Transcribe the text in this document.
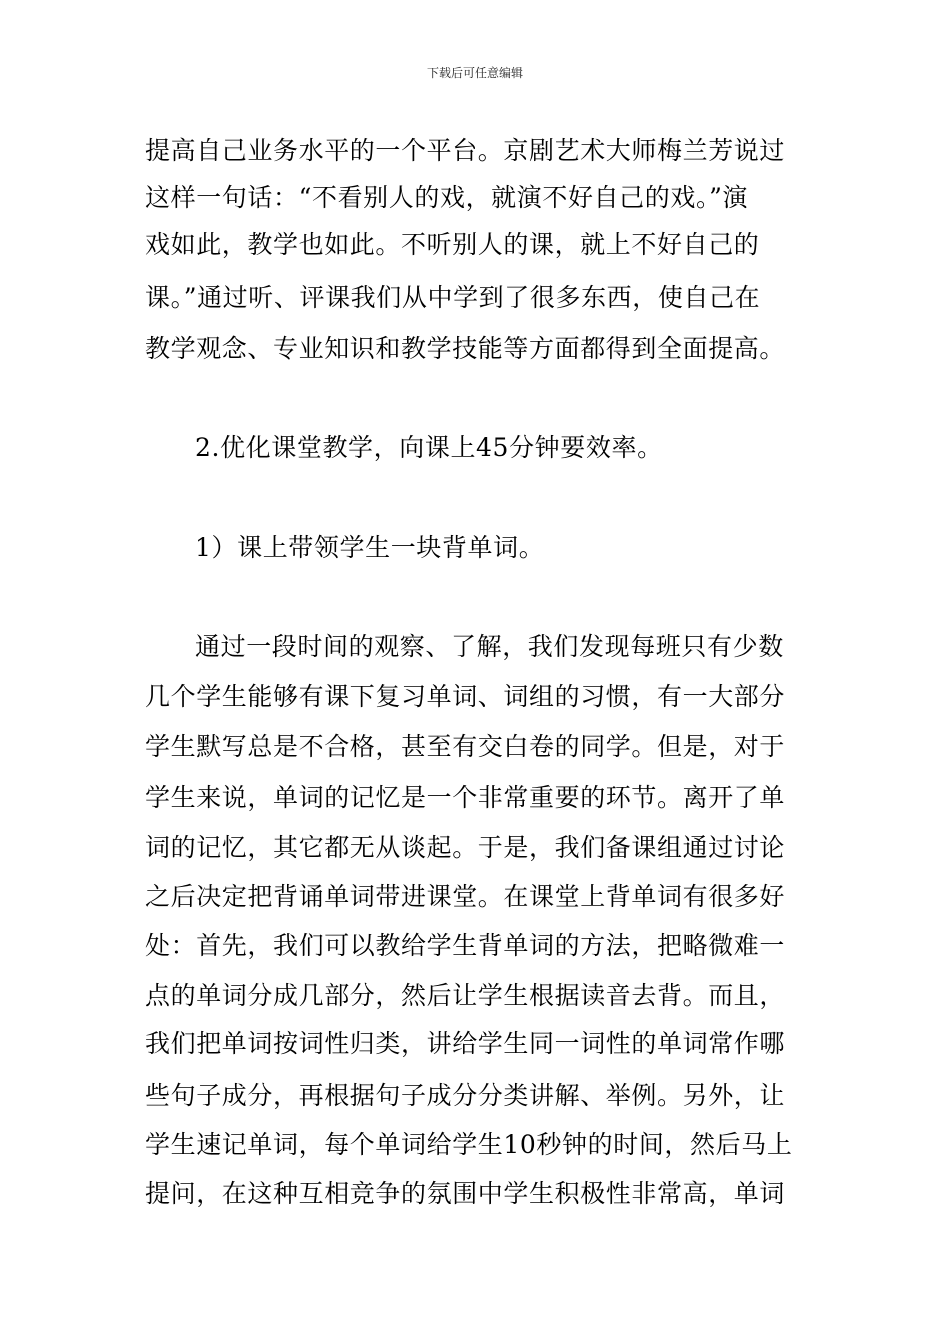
下载后可任意编辑
提高自己业务水平的一个平台。京剧艺术大师梅兰芳说过
这样一句话：“不看别人的戏，就演不好自己的戏。”演
戏如此，教学也如此。不听别人的课，就上不好自己的
课。”通过听、评课我们从中学到了很多东西，使自己在
教学观念、专业知识和教学技能等方面都得到全面提高。
2.优化课堂教学，向课上45分钟要效率。
1）课上带领学生一块背单词。
通过一段时间的观察、了解，我们发现每班只有少数
几个学生能够有课下复习单词、词组的习惯，有一大部分
学生默写总是不合格，甚至有交白卷的同学。但是，对于
学生来说，单词的记忆是一个非常重要的环节。离开了单
词的记忆，其它都无从谈起。于是，我们备课组通过讨论
之后决定把背诵单词带进课堂。在课堂上背单词有很多好
处：首先，我们可以教给学生背单词的方法，把略微难一
点的单词分成几部分，然后让学生根据读音去背。而且，
我们把单词按词性归类，讲给学生同一词性的单词常作哪
些句子成分，再根据句子成分分类讲解、举例。另外，让
学生速记单词，每个单词给学生10秒钟的时间，然后马上
提问，在这种互相竞争的氛围中学生积极性非常高，单词
